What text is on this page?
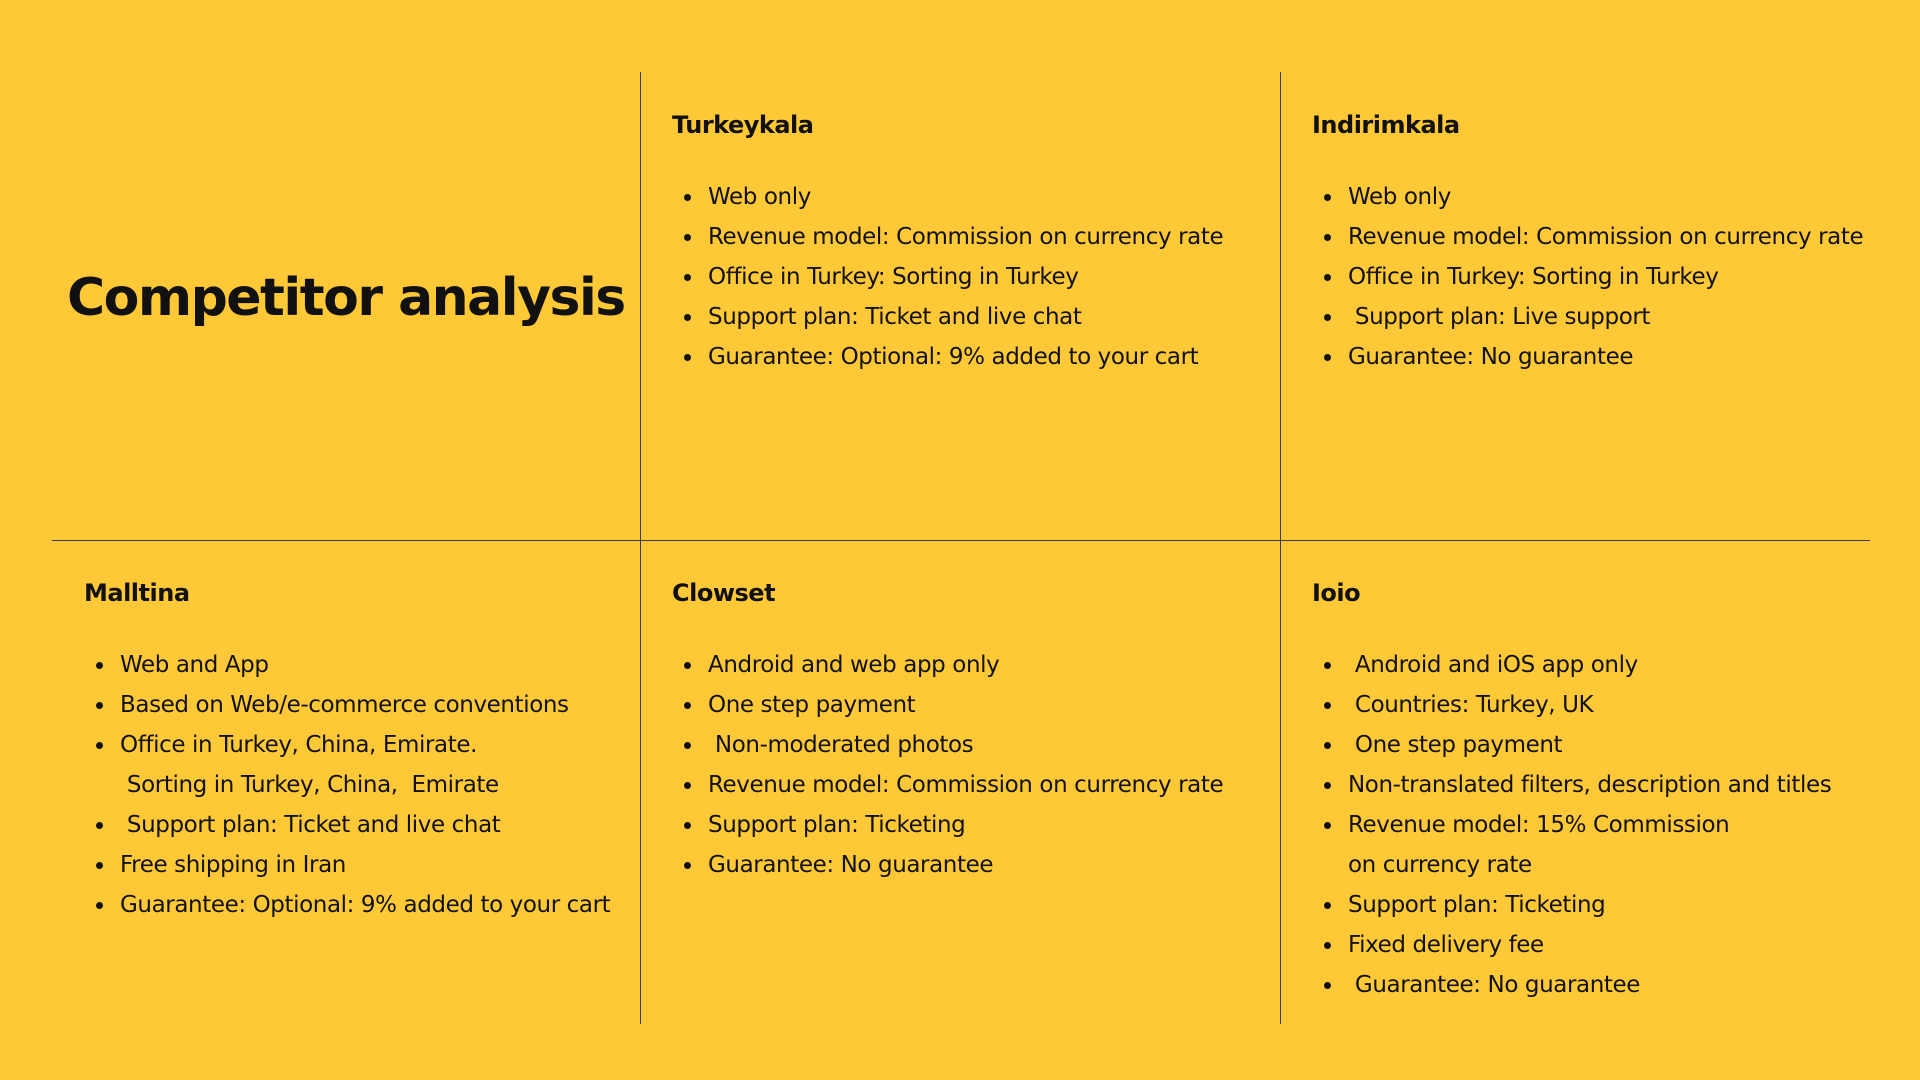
Competitor analysis
Turkeykala
Web only
Revenue model: Commission on currency rate
Office in Turkey: Sorting in Turkey
Support plan: Ticket and live chat
Guarantee: Optional: 9% added to your cart
Indirimkala
Web only
Revenue model: Commission on currency rate
Office in Turkey: Sorting in Turkey
Support plan: Live support
Guarantee: No guarantee
Malltina
Web and App
Based on Web/e-commerce conventions
Office in Turkey, China, Emirate.
Sorting in Turkey, China,  Emirate
Support plan: Ticket and live chat
Free shipping in Iran
Guarantee: Optional: 9% added to your cart
Clowset
Android and web app only
One step payment
Non-moderated photos
Revenue model: Commission on currency rate
Support plan: Ticketing
Guarantee: No guarantee
Ioio
Android and iOS app only
Countries: Turkey, UK
One step payment
Non-translated filters, description and titles
Revenue model: 15% Commission
on currency rate
Support plan: Ticketing
Fixed delivery fee
Guarantee: No guarantee
